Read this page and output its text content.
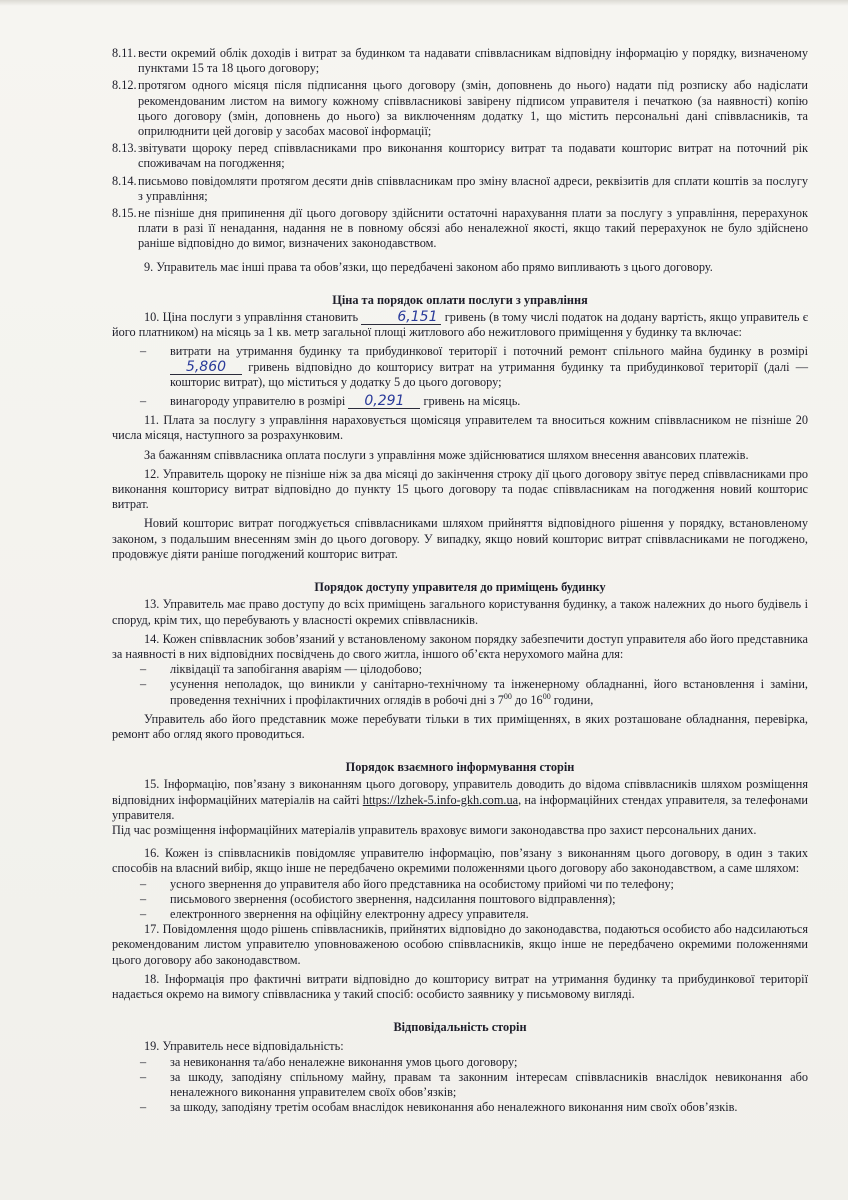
8.11. вести окремий облік доходів і витрат за будинком та надавати співвласникам відповідну інформацію у порядку, визначеному пунктами 15 та 18 цього договору;

8.12. протягом одного місяця після підписання цього договору (змін, доповнень до нього) надати під розписку або надіслати рекомендованим листом на вимогу кожному співвласникові завірену підписом управителя і печаткою (за наявності) копію цього договору (змін, доповнень до нього) за виключенням додатку 1, що містить персональні дані співвласників, та оприлюднити цей договір у засобах масової інформації;

8.13. звітувати щороку перед співвласниками про виконання кошторису витрат та подавати кошторис витрат на поточний рік споживачам на погодження;

8.14. письмово повідомляти протягом десяти днів співвласникам про зміну власної адреси, реквізитів для сплати коштів за послугу з управління;

8.15. не пізніше дня припинення дії цього договору здійснити остаточні нарахування плати за послугу з управління, перерахунок плати в разі її ненадання, надання не в повному обсязі або неналежної якості, якщо такий перерахунок не було здійснено раніше відповідно до вимог, визначених законодавством.

9. Управитель має інші права та обов’язки, що передбачені законом або прямо випливають з цього договору.

Ціна та порядок оплати послуги з управління

10. Ціна послуги з управління становить	6,151 гривень (в тому числі податок на додану вартість, якщо управитель є його платником) на місяць за 1 кв. метр загальної площі житлового або нежитлового приміщення у будинку та включає:

– витрати на утримання будинку та прибудинкової території і поточний ремонт спільного майна будинку в розмірі 5,860 гривень відповідно до кошторису витрат на утримання будинку та прибудинкової території (далі — кошторис витрат), що міститься у додатку 5 до цього договору;

– винагороду управителю в розмірі 0,291 гривень на місяць.

11. Плата за послугу з управління нараховується щомісяця управителем та вноситься кожним співвласником не пізніше 20 числа місяця, наступного за розрахунковим.

За бажанням співвласника оплата послуги з управління може здійснюватися шляхом внесення авансових платежів.

12. Управитель щороку не пізніше ніж за два місяці до закінчення строку дії цього договору звітує перед співвласниками про виконання кошторису витрат відповідно до пункту 15 цього договору та подає співвласникам на погодження новий кошторис витрат.

Новий кошторис витрат погоджується співвласниками шляхом прийняття відповідного рішення у порядку, встановленому законом, з подальшим внесенням змін до цього договору. У випадку, якщо новий кошторис витрат співвласниками не погоджено, продовжує діяти раніше погоджений кошторис витрат.

Порядок доступу управителя до приміщень будинку

13. Управитель має право доступу до всіх приміщень загального користування будинку, а також належних до нього будівель і споруд, крім тих, що перебувають у власності окремих співвласників.

14. Кожен співвласник зобов’язаний у встановленому законом порядку забезпечити доступ управителя або його представника за наявності в них відповідних посвідчень до свого житла, іншого об’єкта нерухомого майна для:

– ліквідації та запобігання аваріям — цілодобово;

– усунення неполадок, що виникли у санітарно-технічному та інженерному обладнанні, його встановлення і заміни, проведення технічних і профілактичних оглядів в робочі дні з $7^{00}$ до $16^{00}$ години,

Управитель або його представник може перебувати тільки в тих приміщеннях, в яких розташоване обладнання, перевірка, ремонт або огляд якого проводиться.

Порядок взаємного інформування сторін

15. Інформацію, пов’язану з виконанням цього договору, управитель доводить до відома співвласників шляхом розміщення відповідних інформаційних матеріалів на сайті https://lzhek-5.info-gkh.com.ua, на інформаційних стендах управителя, за телефонами управителя.

Під час розміщення інформаційних матеріалів управитель враховує вимоги законодавства про захист персональних даних.

16. Кожен із співвласників повідомляє управителю інформацію, пов’язану з виконанням цього договору, в один з таких способів на власний вибір, якщо інше не передбачено окремими положеннями цього договору або законодавством, а саме шляхом:

– усного звернення до управителя або його представника на особистому прийомі чи по телефону;

– письмового звернення (особистого звернення, надсилання поштового відправлення);

– електронного звернення на офіційну електронну адресу управителя.

17. Повідомлення щодо рішень співвласників, прийнятих відповідно до законодавства, подаються особисто або надсилаються рекомендованим листом управителю уповноваженою особою співвласників, якщо інше не передбачено окремими положеннями цього договору або законодавством.

18. Інформація про фактичні витрати відповідно до кошторису витрат на утримання будинку та прибудинкової території надається окремо на вимогу співвласника у такий спосіб: особисто заявнику у письмовому вигляді.

Відповідальність сторін

19. Управитель несе відповідальність:

– за невиконання та/або неналежне виконання умов цього договору;

– за шкоду, заподіяну спільному майну, правам та законним інтересам співвласників внаслідок невиконання або неналежного виконання управителем своїх обов’язків;

– за шкоду, заподіяну третім особам внаслідок невиконання або неналежного виконання ним своїх обов’язків.
